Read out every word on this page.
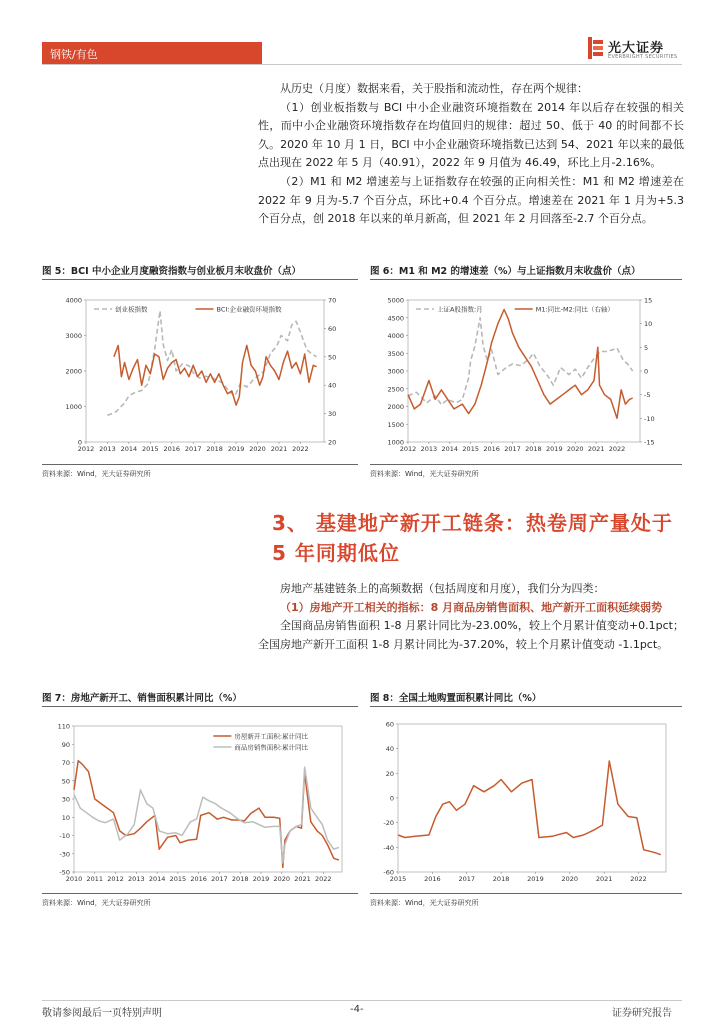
钢铁/有色	光大证券
EVERBRIGHT SECURITIES

从历史（月度）数据来看，关于股指和流动性，存在两个规律：

（1）创业板指数与 BCI 中小企业融资环境指数在 2014 年以后存在较强的相关性，而中小企业融资环境指数存在均值回归的规律：超过 50、低于 40 的时间都不长久。2020 年 10 月 1 日，BCI 中小企业融资环境指数已达到 54、2021 年以来的最低点出现在 2022 年 5 月（40.91），2022 年 9 月值为 46.49，环比上月-2.16%。

（2）M1 和 M2 增速差与上证指数存在较强的正向相关性：M1 和 M2 增速差在 2022 年 9 月为-5.7 个百分点，环比+0.4 个百分点。增速差在 2021 年 1 月为+5.3 个百分点，创 2018 年以来的单月新高，但 2021 年 2 月回落至-2.7 个百分点。

图 5：BCI 中小企业月度融资指数与创业板月末收盘价（点）
0
1000
2000
3000
4000
20
30
40
50
60
70
2012 2013 2014 2015 2016 2017 2018 2019 2020 2021 2022
创业板指数	BCI:企业融资环境指数
资料来源：Wind，光大证券研究所
图 6：M1 和 M2 的增速差（%）与上证指数月末收盘价（点）
1000
1500
2000
2500
3000
3500
4000
4500
5000
-15
-10
-5
0
5
10
15
2012 2013 2014 2015 2016 2017 2018 2019 2020 2021 2022
上证A股指数:月	M1:同比-M2:同比（右轴）
资料来源：Wind，光大证券研究所
3、 基建地产新开工链条：热卷周产量处于 5 年同期低位

房地产基建链条上的高频数据（包括周度和月度），我们分为四类：

（1）房地产开工相关的指标：8 月商品房销售面积、地产新开工面积延续弱势

全国商品房销售面积 1-8 月累计同比为-23.00%，较上个月累计值变动+0.1pct；全国房地产新开工面积 1-8 月累计同比为-37.20%，较上个月累计值变动 -1.1pct。

图 7：房地产新开工、销售面积累计同比（%）
-50
-30
-10
10
30
50
70
90
110
2010 2011 2012 2013 2014 2015 2016 2017 2018 2019 2020 2021 2022
房屋新开工面积:累计同比
商品房销售面积:累计同比
资料来源：Wind，光大证券研究所
图 8：全国土地购置面积累计同比（%）
-60
-40
-20
0
20
40
60
2015	2016	2017	2018	2019	2020	2021	2022
资料来源：Wind，光大证券研究所
敬请参阅最后一页特别声明	-4-	证券研究报告
